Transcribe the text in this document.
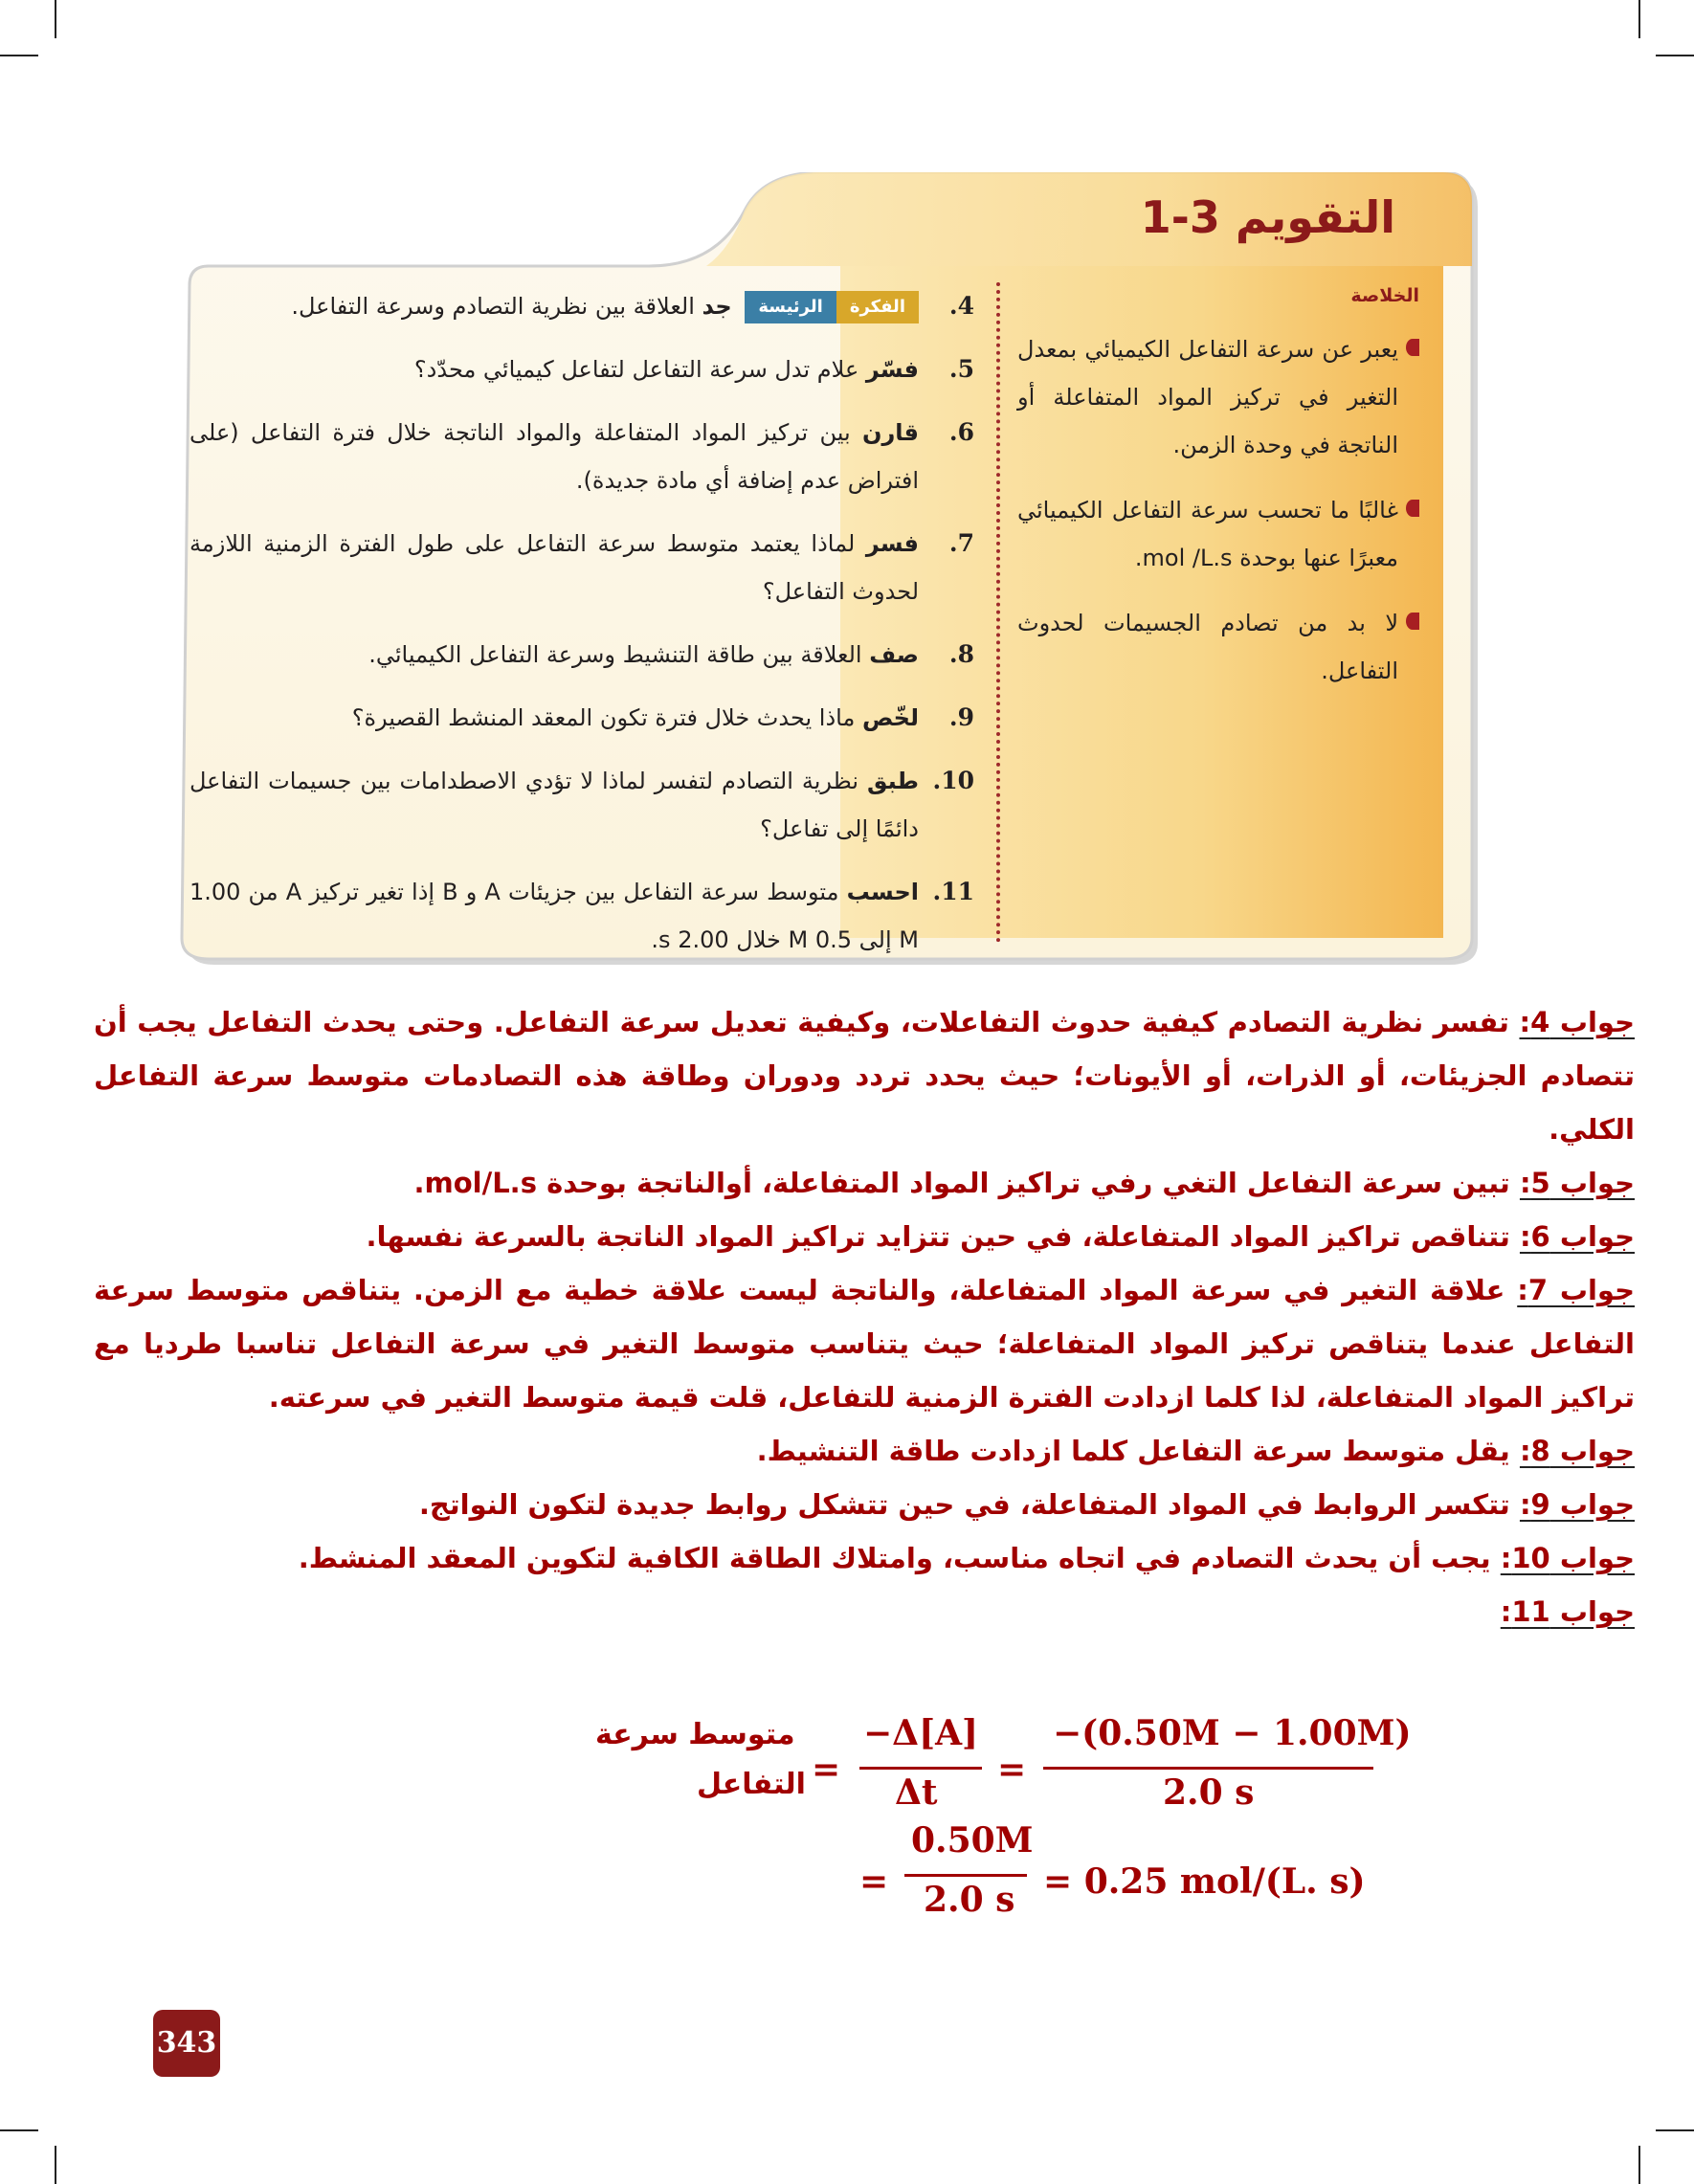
التقويم 3-1
الخلاصة
يعبر عن سرعة التفاعل الكيميائي بمعدل التغير في تركيز المواد المتفاعلة أو الناتجة في وحدة الزمن.
غالبًا ما تحسب سرعة التفاعل الكيميائي معبرًا عنها بوحدة mol /L.s.
لا بد من تصادم الجسيمات لحدوث التفاعل.
4.
الفكرةالرئيسة جد العلاقة بين نظرية التصادم وسرعة التفاعل.
5.
فسّر علام تدل سرعة التفاعل لتفاعل كيميائي محدّد؟
6.
قارن بين تركيز المواد المتفاعلة والمواد الناتجة خلال فترة التفاعل (على افتراض عدم إضافة أي مادة جديدة).
7.
فسر لماذا يعتمد متوسط سرعة التفاعل على طول الفترة الزمنية اللازمة لحدوث التفاعل؟
8.
صف العلاقة بين طاقة التنشيط وسرعة التفاعل الكيميائي.
9.
لخّص ماذا يحدث خلال فترة تكون المعقد المنشط القصيرة؟
10.
طبق نظرية التصادم لتفسر لماذا لا تؤدي الاصطدامات بين جسيمات التفاعل دائمًا إلى تفاعل؟
11.
احسب متوسط سرعة التفاعل بين جزيئات A و B إذا تغير تركيز A من 1.00 M إلى 0.5 M خلال 2.00 s.

جواب 4: تفسر نظرية التصادم كيفية حدوث التفاعلات، وكيفية تعديل سرعة التفاعل. وحتى يحدث التفاعل يجب أن تتصادم الجزيئات، أو الذرات، أو الأيونات؛ حيث يحدد تردد ودوران وطاقة هذه التصادمات متوسط سرعة التفاعل الكلي.

جواب 5: تبين سرعة التفاعل التغي رفي تراكيز المواد المتفاعلة، أوالناتجة بوحدة mol/L.s.

جواب 6: تتناقص تراكيز المواد المتفاعلة، في حين تتزايد تراكيز المواد الناتجة بالسرعة نفسها.

جواب 7: علاقة التغير في سرعة المواد المتفاعلة، والناتجة ليست علاقة خطية مع الزمن. يتناقص متوسط سرعة التفاعل عندما يتناقص تركيز المواد المتفاعلة؛ حيث يتناسب متوسط التغير في سرعة التفاعل تناسبا طرديا مع تراكيز المواد المتفاعلة، لذا كلما ازدادت الفترة الزمنية للتفاعل، قلت قيمة متوسط التغير في سرعته.

جواب 8: يقل متوسط سرعة التفاعل كلما ازدادت طاقة التنشيط.

جواب 9: تتكسر الروابط في المواد المتفاعلة، في حين تتشكل روابط جديدة لتكون النواتج.

جواب 10: يجب أن يحدث التصادم في اتجاه مناسب، وامتلاك الطاقة الكافية لتكوين المعقد المنشط.

جواب 11:

متوسط سرعة
التفاعل =
−Δ[A]
Δt
=
−(0.50M − 1.00M)
2.0 s
=
0.50M
2.0 s = 0.25 mol/(L. s)
343
